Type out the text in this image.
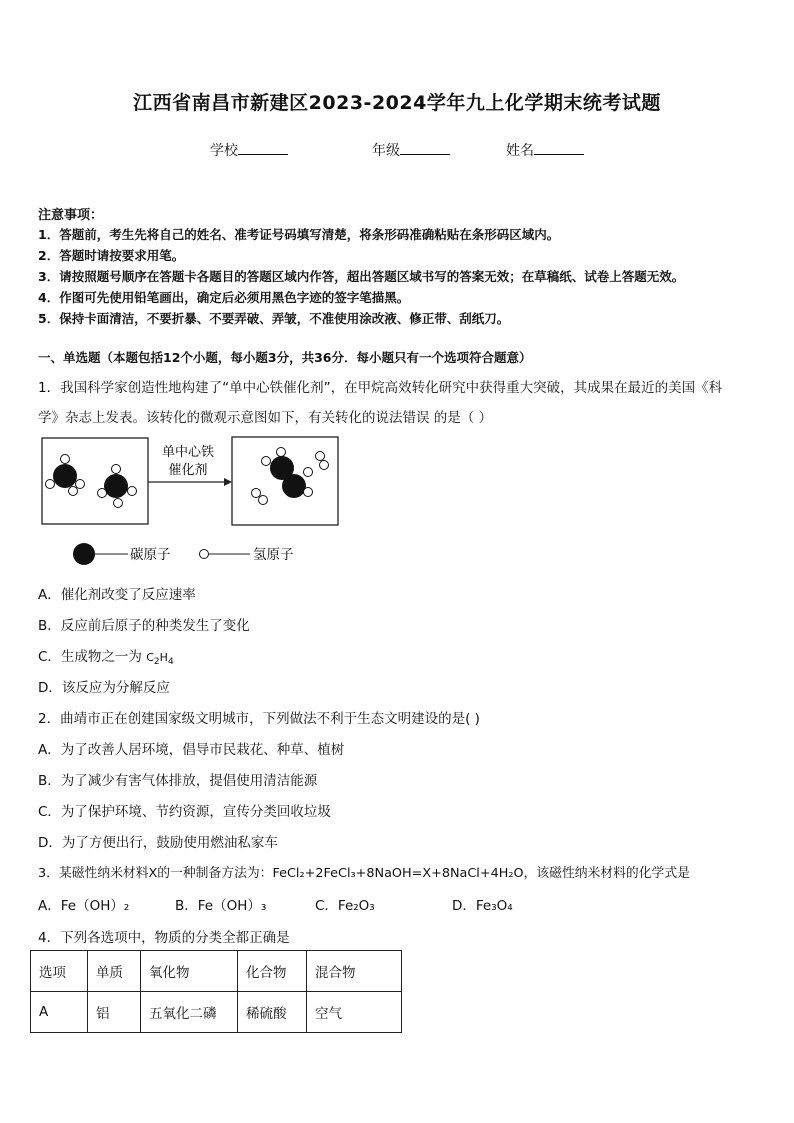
江西省南昌市新建区2023-2024学年九上化学期末统考试题
学校	年级	姓名
注意事项：
1．答题前，考生先将自己的姓名、准考证号码填写清楚，将条形码准确粘贴在条形码区域内。
2．答题时请按要求用笔。
3．请按照题号顺序在答题卡各题目的答题区域内作答，超出答题区域书写的答案无效；在草稿纸、试卷上答题无效。
4．作图可先使用铅笔画出，确定后必须用黑色字迹的签字笔描黑。
5．保持卡面清洁，不要折暴、不要弄破、弄皱，不准使用涂改液、修正带、刮纸刀。
一、单选题（本题包括12个小题，每小题3分，共36分．每小题只有一个选项符合题意）
1．我国科学家创造性地构建了“单中心铁催化剂”，在甲烷高效转化研究中获得重大突破，其成果在最近的美国《科
学》杂志上发表。该转化的微观示意图如下，有关转化的说法错误 的是（ ）
单中心铁
催化剂
碳原子	氢原子
A．催化剂改变了反应速率
B．反应前后原子的种类发生了变化
C．生成物之一为 $C_2H_4$
D．该反应为分解反应
2．曲靖市正在创建国家级文明城市，下列做法不利于生态文明建设的是( )
A．为了改善人居环境，倡导市民栽花、种草、植树
B．为了减少有害气体排放，提倡使用清洁能源
C．为了保护环境、节约资源，宣传分类回收垃圾
D．为了方便出行，鼓励使用燃油私家车
3．某磁性纳米材料X的一种制备方法为：FeCl₂+2FeCl₃+8NaOH=X+8NaCl+4H₂O，该磁性纳米材料的化学式是
A．Fe（OH）₂	B．Fe（OH）₃	C．Fe₂O₃	D．Fe₃O₄
4．下列各选项中，物质的分类全都正确是
选项	单质	氧化物	化合物	混合物
A	铝	五氧化二磷	稀硫酸	空气
